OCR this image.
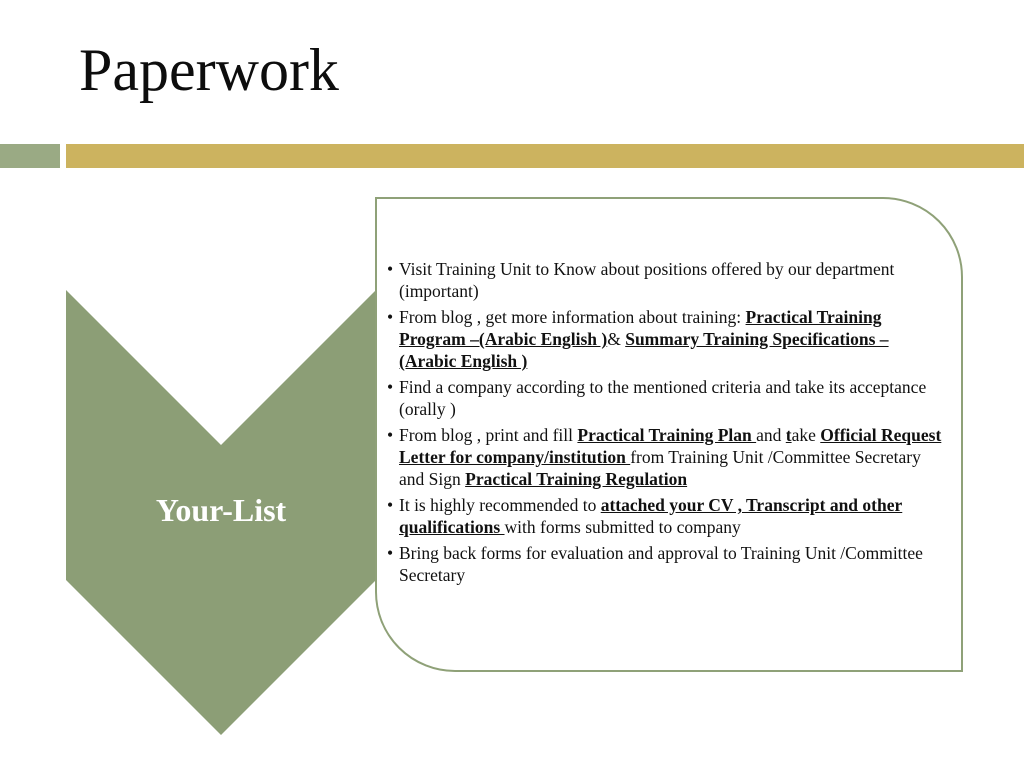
Paperwork
Your-List
• Visit Training Unit to Know about positions offered by our department (important)
• From blog , get more information about training: Practical Training Program –(Arabic English )& Summary Training Specifications –(Arabic English )
• Find a company according to the mentioned criteria and take its acceptance (orally )
• From blog , print and fill Practical Training Plan and take Official Request Letter for company/institution from Training Unit /Committee Secretary and Sign Practical Training Regulation
• It is highly recommended to attached your CV , Transcript and other qualifications with forms submitted to company
• Bring back forms for evaluation and approval to Training Unit /Committee Secretary
